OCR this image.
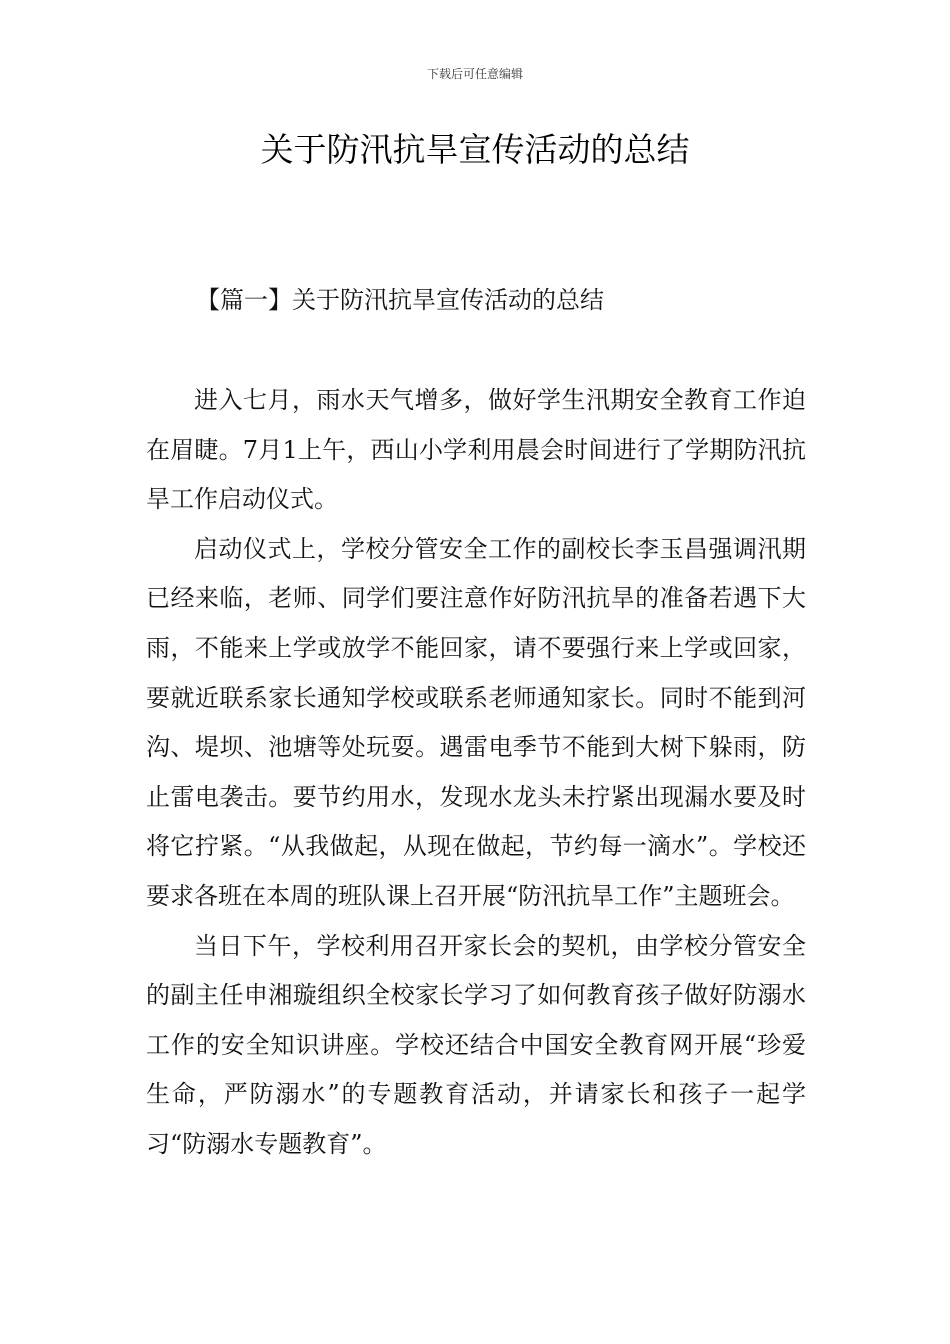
下载后可任意编辑
关于防汛抗旱宣传活动的总结
【篇一】关于防汛抗旱宣传活动的总结

进入七月，雨水天气增多，做好学生汛期安全教育工作迫在眉睫。7月1上午，西山小学利用晨会时间进行了学期防汛抗旱工作启动仪式。

启动仪式上，学校分管安全工作的副校长李玉昌强调汛期已经来临，老师、同学们要注意作好防汛抗旱的准备若遇下大雨，不能来上学或放学不能回家，请不要强行来上学或回家，要就近联系家长通知学校或联系老师通知家长。同时不能到河沟、堤坝、池塘等处玩耍。遇雷电季节不能到大树下躲雨，防止雷电袭击。要节约用水，发现水龙头未拧紧出现漏水要及时将它拧紧。“从我做起，从现在做起，节约每一滴水”。学校还要求各班在本周的班队课上召开展“防汛抗旱工作”主题班会。

当日下午，学校利用召开家长会的契机，由学校分管安全的副主任申湘璇组织全校家长学习了如何教育孩子做好防溺水工作的安全知识讲座。学校还结合中国安全教育网开展“珍爱生命，严防溺水”的专题教育活动，并请家长和孩子一起学习“防溺水专题教育”。
